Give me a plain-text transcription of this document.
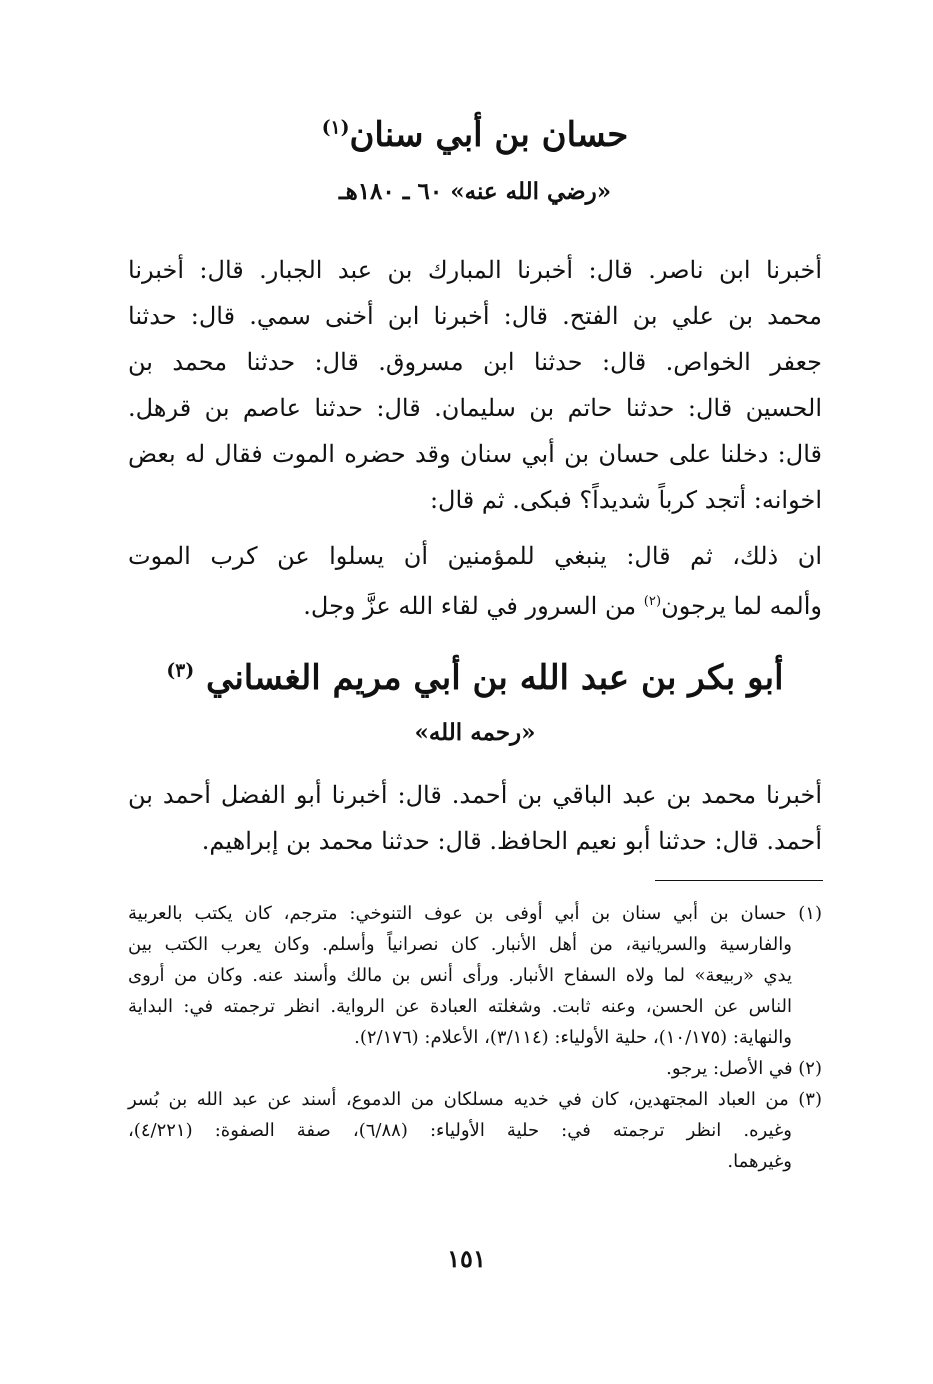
حسان بن أبي سنان$^{(١)}$
«رضي الله عنه» ٦٠ ـ ١٨٠هـ
أخبرنا ابن ناصر. قال: أخبرنا المبارك بن عبد الجبار. قال: أخبرنا
محمد بن علي بن الفتح. قال: أخبرنا ابن أخنى سمي. قال: حدثنا
جعفر الخواص. قال: حدثنا ابن مسروق. قال: حدثنا محمد بن
الحسين قال: حدثنا حاتم بن سليمان. قال: حدثنا عاصم بن قرهل.
قال: دخلنا على حسان بن أبي سنان وقد حضره الموت فقال له بعض
اخوانه: أتجد كرباً شديداً؟ فبكى. ثم قال:
ان ذلك، ثم قال: ينبغي للمؤمنين أن يسلوا عن كرب الموت
وألمه لما يرجون$^{(٢)}$ من السرور في لقاء الله عزَّ وجل.
أبو بكر بن عبد الله بن أبي مريم الغساني $^{(٣)}$
«رحمه الله»
أخبرنا محمد بن عبد الباقي بن أحمد. قال: أخبرنا أبو الفضل أحمد بن
أحمد. قال: حدثنا أبو نعيم الحافظ. قال: حدثنا محمد بن إبراهيم.
(١) حسان بن أبي سنان بن أبي أوفى بن عوف التنوخي: مترجم، كان يكتب بالعربية
والفارسية والسريانية، من أهل الأنبار. كان نصرانياً وأسلم. وكان يعرب الكتب بين
يدي «ربيعة» لما ولاه السفاح الأنبار. ورأى أنس بن مالك وأسند عنه. وكان من أروى
الناس عن الحسن، وعنه ثابت. وشغلته العبادة عن الرواية. انظر ترجمته في: البداية
والنهاية: (١٠/١٧٥)، حلية الأولياء: (٣/١١٤)، الأعلام: (٢/١٧٦).
(٢) في الأصل: يرجو.
(٣) من العباد المجتهدين، كان في خديه مسلكان من الدموع، أسند عن عبد الله بن بُسر
وغيره. انظر ترجمته في: حلية الأولياء: (٦/٨٨)، صفة الصفوة: (٤/٢٢١)،
وغيرهما.
١٥١
